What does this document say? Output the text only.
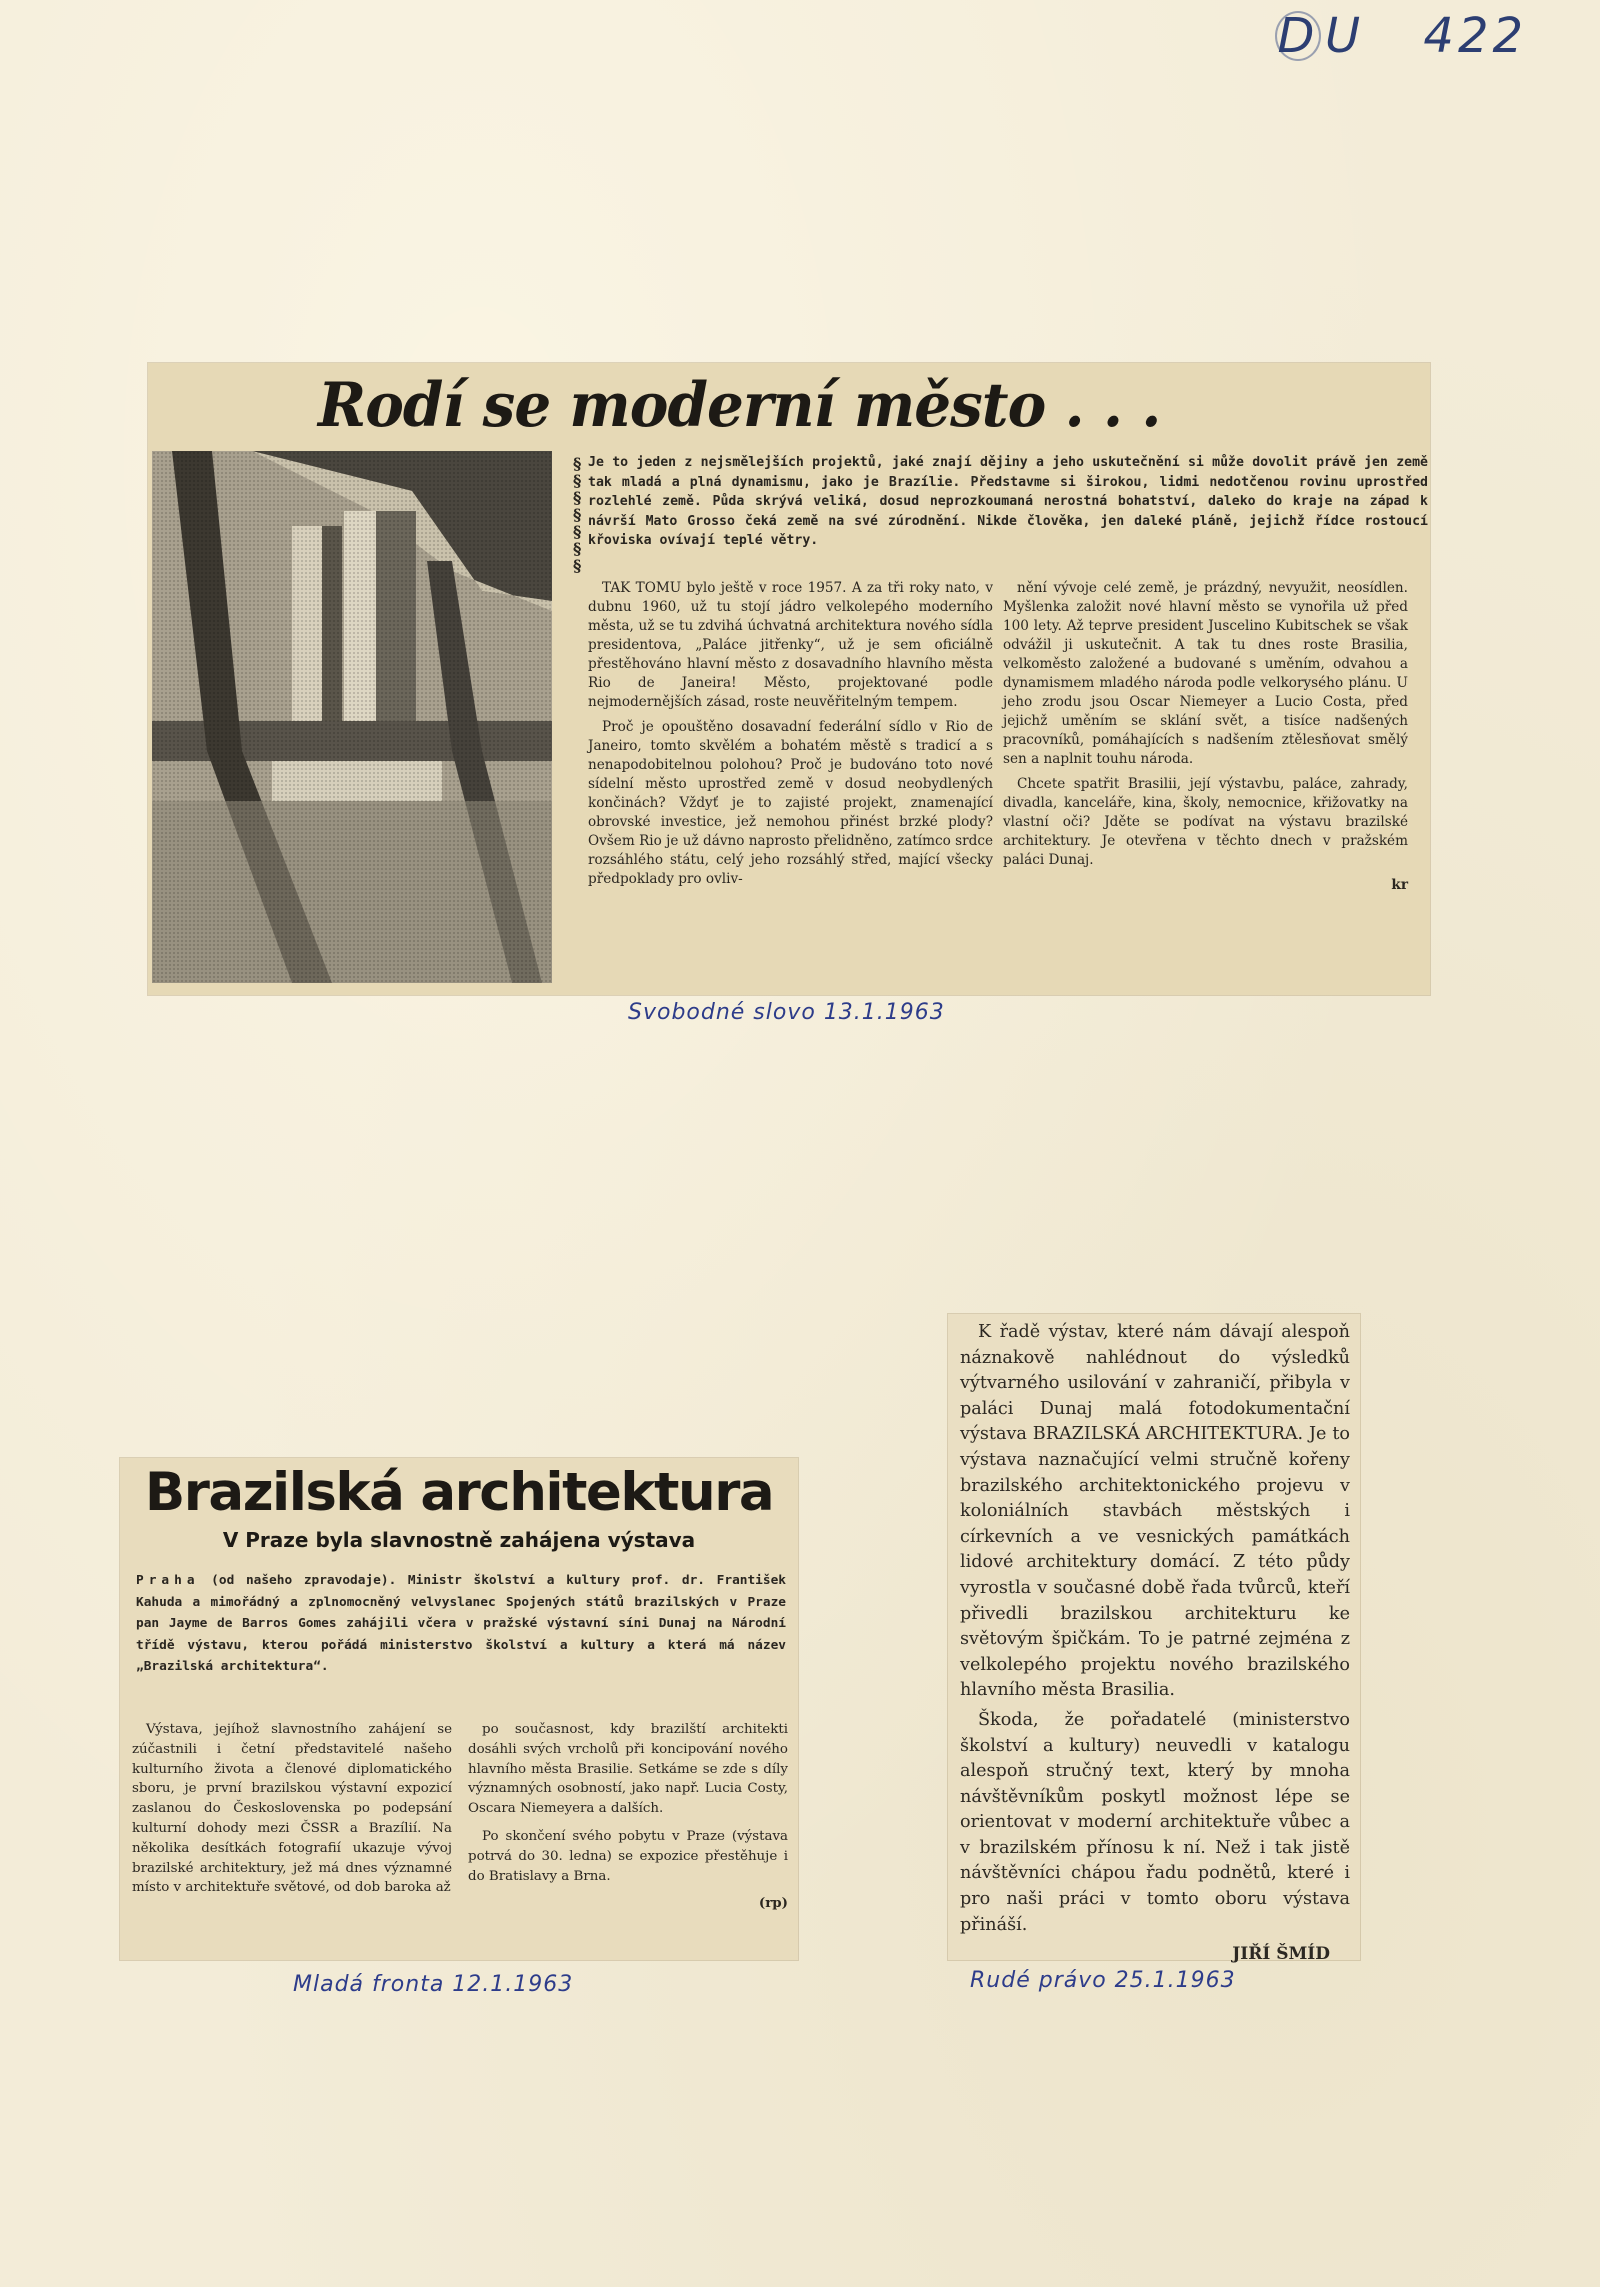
D U 422
Rodí se moderní město . . .
§
§
§
§
§
§
§
Je to jeden z nejsmělejších projektů, jaké znají dějiny a jeho uskutečnění si může dovolit právě jen země tak mladá a plná dynamismu, jako je Brazílie. Představme si širokou, lidmi nedotčenou rovinu uprostřed rozlehlé země. Půda skrývá veliká, dosud neprozkoumaná nerostná bohatství, daleko do kraje na západ k návrší Mato Grosso čeká země na své zúrodnění. Nikde člověka, jen daleké pláně, jejichž řídce rostoucí křoviska ovívají teplé větry.

TAK TOMU bylo ještě v roce 1957. A za tři roky nato, v dubnu 1960, už tu stojí jádro velkolepého moderního města, už se tu zdvihá úchvatná architektura nového sídla presidentova, „Paláce jitřenky“, už je sem oficiálně přestěhováno hlavní město z dosavadního hlavního města Rio de Janeira! Město, projektované podle nejmodernějších zásad, roste neuvěřitelným tempem.

Proč je opouštěno dosavadní federální sídlo v Rio de Janeiro, tomto skvělém a bohatém městě s tradicí a s nenapodobitelnou polohou? Proč je budováno toto nové sídelní město uprostřed země v dosud neobydlených končinách? Vždyť je to zajisté projekt, znamenající obrovské investice, jež nemohou přinést brzké plody? Ovšem Rio je už dávno naprosto přelidněno, zatímco srdce rozsáhlého státu, celý jeho rozsáhlý střed, mající všecky předpoklady pro ovliv-

nění vývoje celé země, je prázdný, nevyužit, neosídlen. Myšlenka založit nové hlavní město se vynořila už před 100 lety. Až teprve president Juscelino Kubitschek se však odvážil ji uskutečnit. A tak tu dnes roste Brasilia, velkoměsto založené a budované s uměním, odvahou a dynamismem mladého národa podle velkorysého plánu. U jeho zrodu jsou Oscar Niemeyer a Lucio Costa, před jejichž uměním se sklání svět, a tisíce nadšených pracovníků, pomáhajících s nadšením ztělesňovat smělý sen a naplnit touhu národa.

Chcete spatřit Brasilii, její výstavbu, paláce, zahrady, divadla, kanceláře, kina, školy, nemocnice, křižovatky na vlastní oči? Jděte se podívat na výstavu brazilské architektury. Je otevřena v těchto dnech v pražském paláci Dunaj.

kr
Svobodné slovo 13.1.1963
Brazilská architektura
V Praze byla slavnostně zahájena výstava
Praha (od našeho zpravodaje). Ministr školství a kultury prof. dr. František Kahuda a mimořádný a zplnomocněný velvyslanec Spojených států brazilských v Praze pan Jayme de Barros Gomes zahájili včera v pražské výstavní síni Dunaj na Národní třídě výstavu, kterou pořádá ministerstvo školství a kultury a která má název „Brazilská architektura“.

Výstava, jejíhož slavnostního zahájení se zúčastnili i četní představitelé našeho kulturního života a členové diplomatického sboru, je první brazilskou výstavní expozicí zaslanou do Československa po podepsání kulturní dohody mezi ČSSR a Brazílií. Na několika desítkách fotografií ukazuje vývoj brazilské architektury, jež má dnes významné místo v architektuře světové, od dob baroka až

po současnost, kdy brazilští architekti dosáhli svých vrcholů při koncipování nového hlavního města Brasilie. Setkáme se zde s díly významných osobností, jako např. Lucia Costy, Oscara Niemeyera a dalších.

Po skončení svého pobytu v Praze (výstava potrvá do 30. ledna) se expozice přestěhuje i do Bratislavy a Brna.

(rp)
Mladá fronta 12.1.1963

K řadě výstav, které nám dávají alespoň náznakově nahlédnout do výsledků výtvarného usilování v zahraničí, přibyla v paláci Dunaj malá fotodokumentační výstava BRAZILSKÁ ARCHITEKTURA. Je to výstava naznačující velmi stručně kořeny brazilského architektonického projevu v koloniálních stavbách městských i církevních a ve vesnických památkách lidové architektury domácí. Z této půdy vyrostla v současné době řada tvůrců, kteří přivedli brazilskou architekturu ke světovým špičkám. To je patrné zejména z velkolepého projektu nového brazilského hlavního města Brasilia.

Škoda, že pořadatelé (ministerstvo školství a kultury) neuvedli v katalogu alespoň stručný text, který by mnoha návštěvníkům poskytl možnost lépe se orientovat v moderní architektuře vůbec a v brazilském přínosu k ní. Než i tak jistě návštěvníci chápou řadu podnětů, které i pro naši práci v tomto oboru výstava přináší.

JIŘÍ ŠMÍD
Rudé právo 25.1.1963
